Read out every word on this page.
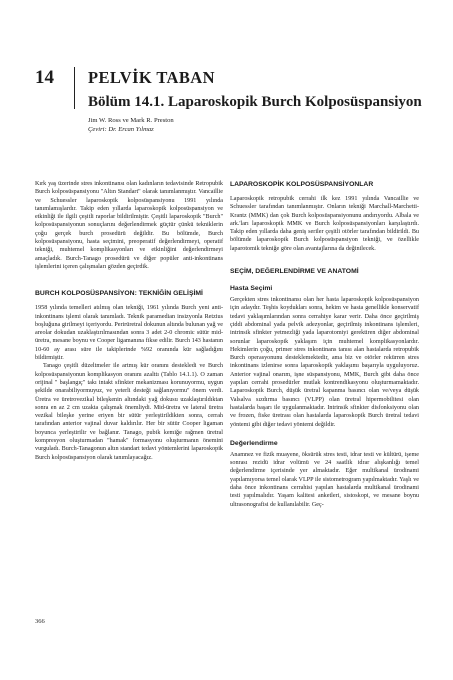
14	PELVİK TABAN
Bölüm 14.1. Laparoskopik Burch Kolposüspansiyon
Jim W. Ross ve Mark R. Preston
Çeviri: Dr. Ercan Yılmaz

Kırk yaş üzerinde stres inkontinansı olan kadınların tedavisinde Retropubik Burch kolposüspansiyonu "Altın Standart" olarak tanımlanmıştır. Vancaillie ve Schuessler laparoskopik kolposüspansiyonu 1991 yılında tanımlamışlardır. Takip eden yıllarda laparoskopik kolposüspansiyon ve etkinliği ile ilgili çeşitli raporlar bildirilmiştir. Çeşitli laparoskopik "Burch" kolposüspansiyonun sonuçlarını değerlendirmek güçtür çünkü tekniklerin çoğu gerçek burch prosedürü değildir. Bu bölümde, Burch kolposüspansiyonu, hasta seçimini, preoperatif değerlendirmeyi, operatif tekniği, muhtemel komplikasyonları ve etkinliğini değerlendirmeyi amaçladık. Burch-Tanago prosedürü ve diğer popüler anti-inkontinans işlemlerini içeren çalışmaları gözden geçirdik.

BURCH KOLPOSÜSPANSİYON: TEKNİĞİN GELİŞİMİ

1958 yılında temelleri atılmış olan tekniği, 1961 yılında Burch yeni anti-inkontinans işlemi olarak tanımladı. Teknik paramedian insizyonla Retzius boşluğuna girilmeyi içeriyordu. Perirüretral dokunun altında bulunan yağ ve areolar dokudan uzaklaştırılmasından sonra 3 adet 2-0 chromic sütür mid-üretra, mesane boynu ve Cooper ligamanına fikse edilir. Burch 143 hastanın 10-60 ay arası süre ile takiplerinde %92 oranında kür sağladığını bildirmiştir.

Tanago çeşitli düzeltmeler ile artmış kür oranını destekledi ve Burch kolposüspansiyonun komplikasyon oranını azalttı (Tablo 14.1.1). O zaman orijinal " başlangıç" takı intakt sfinkter mekanizması korunuyormu, uygun şekilde onarabiliyormuyuz, ve yeterli desteği sağlanıyormu" önem verdi. Üretra ve üretrovezikal bileşkenin altındaki yağ dokusu uzaklaştırıldıktan sonra en az 2 cm uzakta çalışmak önemliydi. Mid-üretra ve lateral üretra vezikal bileşke yerine eriyen bir sütür yerleştirildikten sonra, cerrah tarafından anterior vajinal duvar kaldırılır. Her bir sütür Cooper ligaman boyunca yerleştirilir ve bağlanır. Tanago, pubik kemiğe rağmen üretral kompresyon oluşturmadan "hamak" formasyonu oluşturmanın önemini vurguladı. Burch-Tanagonun altın standart tedavi yöntemlerini laparoskopik Burch kolposüspansiyon olarak tanımlayacağız.

LAPAROSKOPİK KOLPOSÜSPANSİYONLAR

Laparoskopik retropubik cerrahi ilk kez 1991 yılında Vancaillie ve Schuessler tarafından tanımlanmıştır. Onların tekniği Marchall-Marchetti-Krantz (MMK) dan çok Burch kolposüspansiyonunu andırıyordu. Albala ve ark.'ları laparoskopik MMK ve Burch kolposüspansiyonları karşılaştırdı. Takip eden yıllarda daha geniş seriler çeşitli otörler tarafından bildirildi. Bu bölümde laparoskopik Burch kolposüspansiyon tekniği, ve özellikle laparotomik tekniğe göre olan avantajlarına da değinilecek.

SEÇİM, DEĞERLENDİRME VE ANATOMİ
Hasta Seçimi

Gerçekten stres inkontinansı olan her hasta laparoskopik kolposüspansiyon için adaydır. Teşhis koydukları sonra, hekim ve hasta genellikle konservatif tedavi yaklaşımlarından sonra cerrahiye karar verir. Daha önce geçirilmiş çiddi abdominal yada pelvik adezyonlar, geçirilmiş inkontinans işlemleri, intrinsik sfinkter yetmezliği yada laparotomiyi gerektiren diğer abdominal sorunlar laparoskopik yaklaşım için muhtemel komplikasyonlardır. Hekimlerin çoğu, primer stres inkontinans tanısı alan hastalarda retropubik Burch operasyonunu desteklemektedir, ama biz ve otörler rekürren stres inkontinans izlenirse sonra laparoskopik yaklaşımı başarıyla uyguluyoruz. Anterior vajinal onarım, işne süspansiyonu, MMK, Burch gibi daha önce yapılan cerrahi prosedürler mutlak kontrendikasyonu oluşturmamaktadır. Laparoskopik Burch, düşük üretral kapanma basıncı olan ve/veya düşük Valsalva sızdırma basıncı (VLPP) olan üretral hipermobilitesi olan hastalarda başarı ile uygulanmaktadır. Intrinsik sfinkter disfonksiyonu olan ve frozen, fiske üretrası olan hastalarda laparoskopik Burch üretral tedavi yöntemi gibi diğer tedavi yöntemi değildir.

Değerlendirme

Anamnez ve fizik muayene, öksürük stres testi, idrar testi ve kültürü, işeme sonrası rezidü idrar volümü ve 24 saatlik idrar alışkanlığı temel değerlendirme içerisinde yer almaktadır. Eğer multikanal ürodinami yapılamıyorsa temel olarak VLPP ile sistometrogram yapılmaktadır. Yaşlı ve daha önce inkontinans cerrahisi yapılan hastalarda multikanal ürodinami testi yapılmalıdır. Yaşam kalitesi anketleri, sistoskopi, ve mesane boynu ultrasonografisi de kullanılabilir. Geç-

366
